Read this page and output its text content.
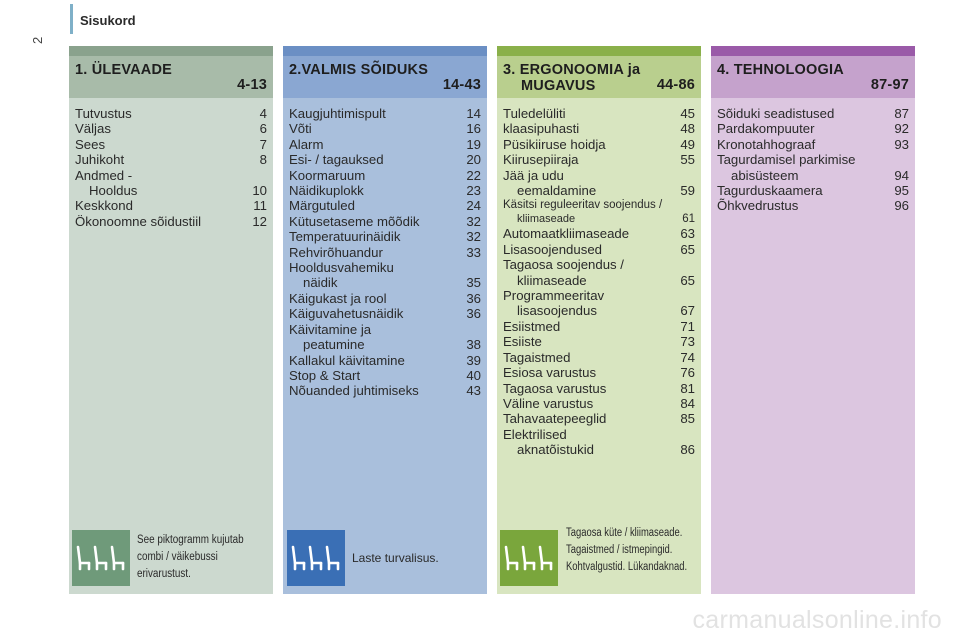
Sisukord
2
1. ÜLEVAADE
4-13
Tutvustus	4
Väljas	6
Sees	7
Juhikoht	8
Andmed -
Hooldus	10
Keskkond	11
Ökonoomne sõidustiil	12
2.VALMIS SÕIDUKS
14-43
Kaugjuhtimispult	14
Võti	16
Alarm	19
Esi- / tagauksed	20
Koormaruum	22
Näidikuplokk	23
Märgutuled	24
Kütusetaseme mõõdik	32
Temperatuurinäidik	32
Rehvirõhuandur	33
Hooldusvahemiku
näidik	35
Käigukast ja rool	36
Käiguvahetusnäidik	36
Käivitamine ja
peatumine	38
Kallakul käivitamine	39
Stop & Start	40
Nõuanded juhtimiseks	43
3. ERGONOOMIA ja
MUGAVUS	44-86
Tuledelüliti	45
klaasipuhasti	48
Püsikiiruse hoidja	49
Kiirusepiiraja	55
Jää ja udu
eemaldamine	59
Käsitsi reguleeritav soojendus /
kliimaseade	61
Automaatkliimaseade	63
Lisasoojendused	65
Tagaosa soojendus /
kliimaseade	65
Programmeeritav
lisasoojendus	67
Esiistmed	71
Esiiste	73
Tagaistmed	74
Esiosa varustus	76
Tagaosa varustus	81
Väline varustus	84
Tahavaatepeeglid	85
Elektrilised
aknatõistukid	86
4. TEHNOLOOGIA
87-97
Sõiduki seadistused	87
Pardakompuuter	92
Kronotahhograaf	93
Tagurdamisel parkimise
abisüsteem	94
Tagurduskaamera	95
Õhkvedrustus	96
See piktogramm kujutab combi / väikebussi erivarustust.
Laste turvalisus.
Tagaosa küte / kliimaseade. Tagaistmed / istmepingid. Kohtvalgustid. Lükandaknad.
carmanualsonline.info
